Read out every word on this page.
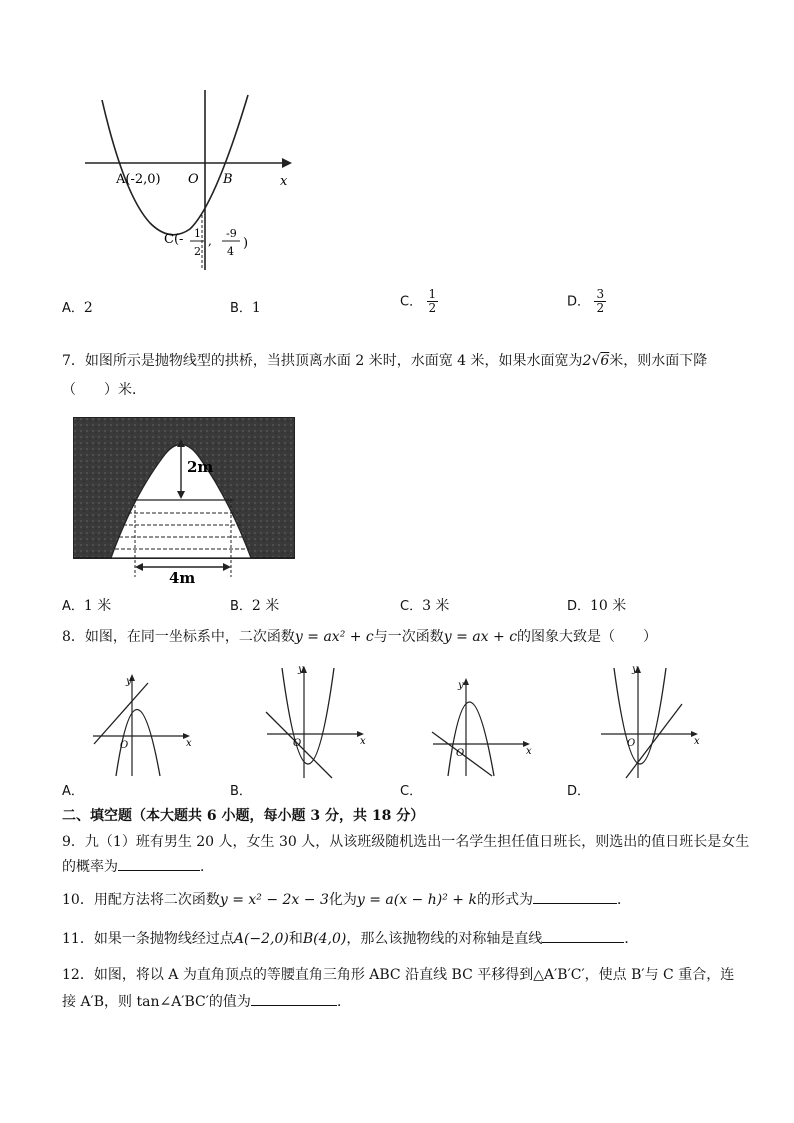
A(-2,0) O B	x
C(- 1
2
,
-9
4
)
A．2	B．1	C． $\frac{1}{2}$	D． $\frac{3}{2}$
7．如图所示是抛物线型的拱桥，当拱顶离水面 2 米时，水面宽 4 米，如果水面宽为2√6米，则水面下降
（　　）米．
2m
4m
A．1 米	B．2 米	C．3 米	D．10 米
8．如图，在同一坐标系中，二次函数y = ax² + c与一次函数y = ax + c的图象大致是（　　）
y
x
O
y
x
O
y
x
O
y
x
O
A．	B．	C．	D．
二、填空题（本大题共 6 小题，每小题 3 分，共 18 分）
9．九（1）班有男生 20 人，女生 30 人，从该班级随机选出一名学生担任值日班长，则选出的值日班长是女生
的概率为	．
10．用配方法将二次函数y = x² − 2x − 3化为y = a(x − h)² + k的形式为	．
11．如果一条抛物线经过点A(−2,0)和B(4,0)，那么该抛物线的对称轴是直线	．
12．如图，将以 A 为直角顶点的等腰直角三角形 ABC 沿直线 BC 平移得到△A′B′C′，使点 B′与 C 重合，连
接 A′B，则 tan∠A′BC′的值为	．
